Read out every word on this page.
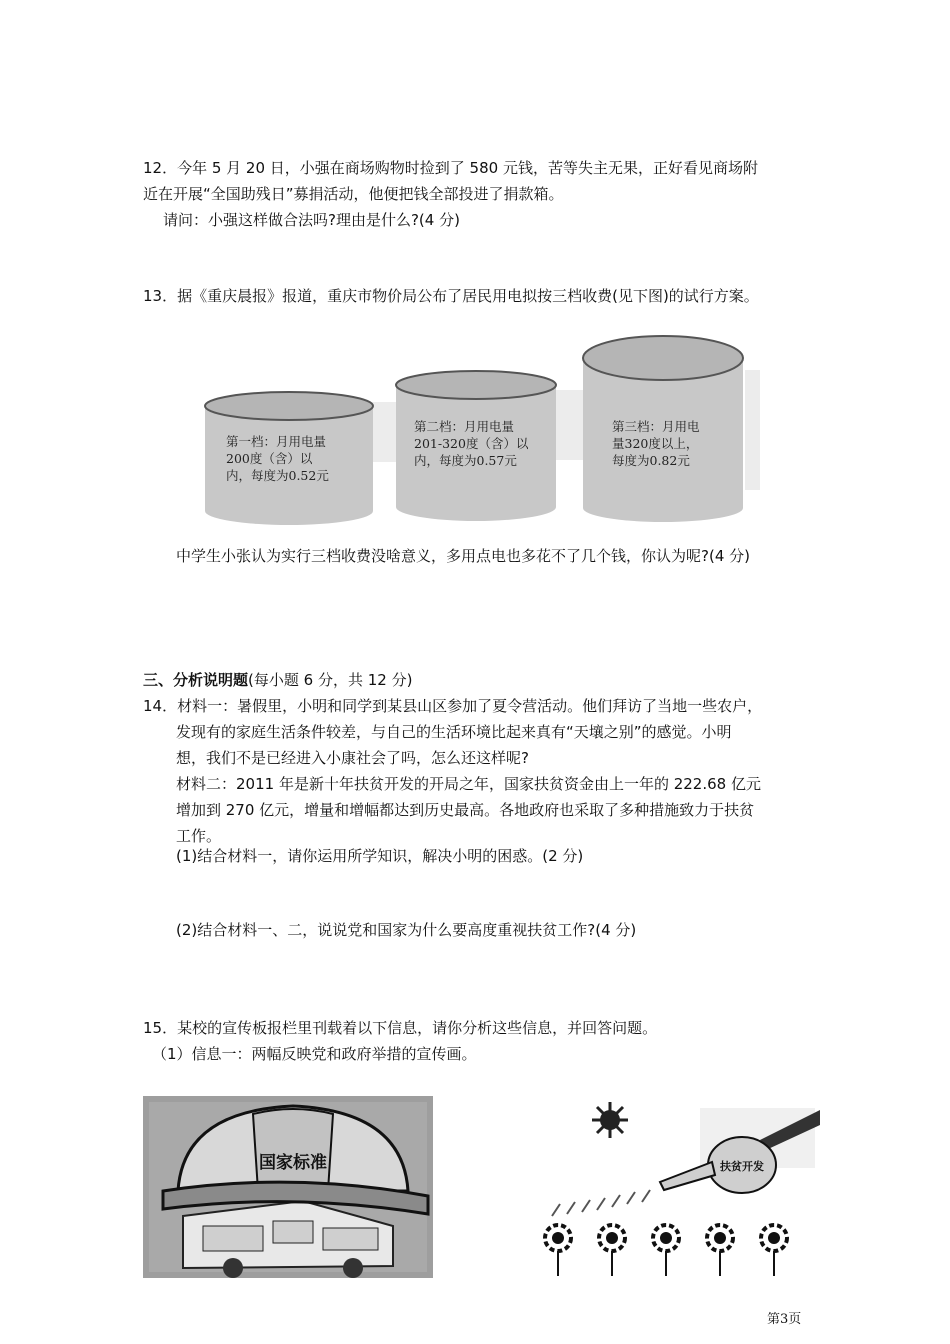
12．今年 5 月 20 日，小强在商场购物时捡到了 580 元钱，苦等失主无果，正好看见商场附
近在开展“全国助残日”募捐活动，他便把钱全部投进了捐款箱。
请问：小强这样做合法吗?理由是什么?(4 分)
13．据《重庆晨报》报道，重庆市物价局公布了居民用电拟按三档收费(见下图)的试行方案。
第一档：月用电量
200度（含）以
内，每度为0.52元
第二档：月用电量
201-320度（含）以
内，每度为0.57元
第三档：月用电
量320度以上，
每度为0.82元
中学生小张认为实行三档收费没啥意义，多用点电也多花不了几个钱，你认为呢?(4 分)
三、分析说明题(每小题 6 分，共 12 分)
14．材料一：暑假里，小明和同学到某县山区参加了夏令营活动。他们拜访了当地一些农户，
发现有的家庭生活条件较差，与自己的生活环境比起来真有“天壤之别”的感觉。小明
想，我们不是已经进入小康社会了吗，怎么还这样呢?
材料二：2011 年是新十年扶贫开发的开局之年，国家扶贫资金由上一年的 222.68 亿元
增加到 270 亿元，增量和增幅都达到历史最高。各地政府也采取了多种措施致力于扶贫
工作。
(1)结合材料一，请你运用所学知识，解决小明的困惑。(2 分)
(2)结合材料一、二，说说党和国家为什么要高度重视扶贫工作?(4 分)
15．某校的宣传板报栏里刊载着以下信息，请你分析这些信息，并回答问题。
（1）信息一：两幅反映党和政府举措的宣传画。
国家标准	扶贫开发
第3页
